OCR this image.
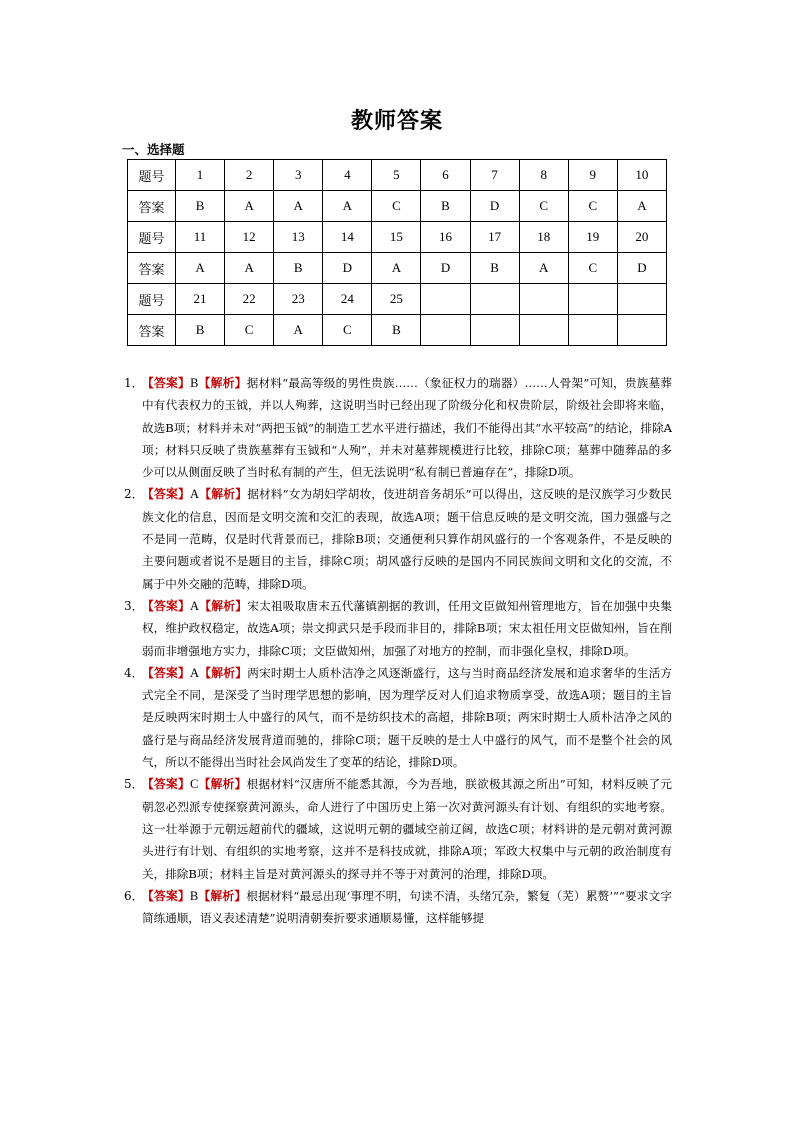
教师答案
一、选择题
题号	1	2	3	4	5	6	7	8	9	10
答案	B	A	A	A	C	B	D	C	C	A
题号	11	12	13	14	15	16	17	18	19	20
答案	A	A	B	D	A	D	B	A	C	D
题号	21	22	23	24	25					
答案	B	C	A	C	B					
1．
【答案】B【解析】据材料“最高等级的男性贵族……（象征权力的瑞器）……人骨架”可知，贵族墓葬中有代表权力的玉钺，并以人殉葬，这说明当时已经出现了阶级分化和权贵阶层，阶级社会即将来临，故选B项；材料并未对“两把玉钺”的制造工艺水平进行描述，我们不能得出其“水平较高”的结论，排除A项；材料只反映了贵族墓葬有玉钺和“人殉”，并未对墓葬规模进行比较，排除C项；墓葬中随葬品的多少可以从侧面反映了当时私有制的产生，但无法说明“私有制已普遍存在”，排除D项。
2．
【答案】A【解析】据材料“女为胡妇学胡妆，伎进胡音务胡乐”可以得出，这反映的是汉族学习少数民族文化的信息，因而是文明交流和交汇的表现，故选A项；题干信息反映的是文明交流，国力强盛与之不是同一范畴，仅是时代背景而已，排除B项；交通便利只算作胡风盛行的一个客观条件，不是反映的主要问题或者说不是题目的主旨，排除C项；胡风盛行反映的是国内不同民族间文明和文化的交流，不属于中外交融的范畴，排除D项。
3．
【答案】A【解析】宋太祖吸取唐末五代藩镇割据的教训，任用文臣做知州管理地方，旨在加强中央集权，维护政权稳定，故选A项；崇文抑武只是手段而非目的，排除B项；宋太祖任用文臣做知州，旨在削弱而非增强地方实力，排除C项；文臣做知州，加强了对地方的控制，而非强化皇权，排除D项。
4．
【答案】A【解析】两宋时期士人质朴洁净之风逐渐盛行，这与当时商品经济发展和追求奢华的生活方式完全不同，是深受了当时理学思想的影响，因为理学反对人们追求物质享受，故选A项；题目的主旨是反映两宋时期士人中盛行的风气，而不是纺织技术的高超，排除B项；两宋时期士人质朴洁净之风的盛行是与商品经济发展背道而驰的，排除C项；题干反映的是士人中盛行的风气，而不是整个社会的风气，所以不能得出当时社会风尚发生了变革的结论，排除D项。
5．
【答案】C【解析】根据材料“汉唐所不能悉其源，今为吾地，朕欲极其源之所出”可知，材料反映了元朝忽必烈派专使探察黄河源头，命人进行了中国历史上第一次对黄河源头有计划、有组织的实地考察。这一壮举源于元朝远超前代的疆域，这说明元朝的疆域空前辽阔，故选C项；材料讲的是元朝对黄河源头进行有计划、有组织的实地考察，这并不是科技成就，排除A项；军政大权集中与元朝的政治制度有关，排除B项；材料主旨是对黄河源头的探寻并不等于对黄河的治理，排除D项。
6．
【答案】B【解析】根据材料“最忌出现‘事理不明，句读不清，头绪冗杂，繁复（芜）累赘’”“要求文字简练通顺，语义表述清楚”说明清朝奏折要求通顺易懂，这样能够提
